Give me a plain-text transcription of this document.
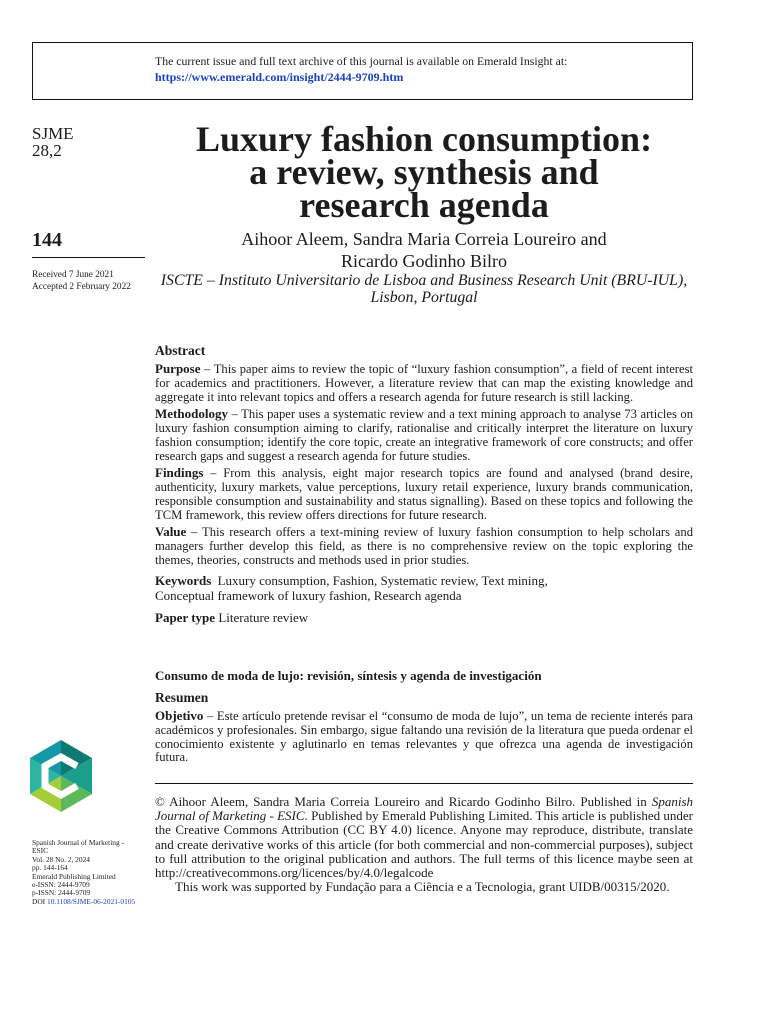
The current issue and full text archive of this journal is available on Emerald Insight at:
https://www.emerald.com/insight/2444-9709.htm
SJME
28,2
144
Received 7 June 2021
Accepted 2 February 2022
Spanish Journal of Marketing -
ESIC
Vol. 28 No. 2, 2024
pp. 144-164
Emerald Publishing Limited
e-ISSN: 2444-9709
p-ISSN: 2444-9709
DOI 10.1108/SJME-06-2021-0105
Luxury fashion consumption:
a review, synthesis and
research agenda
Aihoor Aleem, Sandra Maria Correia Loureiro and
Ricardo Godinho Bilro
ISCTE – Instituto Universitario de Lisboa and Business Research Unit (BRU-IUL),
Lisbon, Portugal
Abstract

Purpose – This paper aims to review the topic of “luxury fashion consumption”, a field of recent interest for academics and practitioners. However, a literature review that can map the existing knowledge and aggregate it into relevant topics and offers a research agenda for future research is still lacking.

Methodology – This paper uses a systematic review and a text mining approach to analyse 73 articles on luxury fashion consumption aiming to clarify, rationalise and critically interpret the literature on luxury fashion consumption; identify the core topic, create an integrative framework of core constructs; and offer research gaps and suggest a research agenda for future studies.

Findings – From this analysis, eight major research topics are found and analysed (brand desire, authenticity, luxury markets, value perceptions, luxury retail experience, luxury brands communication, responsible consumption and sustainability and status signalling). Based on these topics and following the TCM framework, this review offers directions for future research.

Value – This research offers a text-mining review of luxury fashion consumption to help scholars and managers further develop this field, as there is no comprehensive review on the topic exploring the themes, theories, constructs and methods used in prior studies.

Keywords Luxury consumption, Fashion, Systematic review, Text mining,
Conceptual framework of luxury fashion, Research agenda

Paper type Literature review

Consumo de moda de lujo: revisión, síntesis y agenda de investigación
Resumen

Objetivo – Este artículo pretende revisar el “consumo de moda de lujo”, un tema de reciente interés para académicos y profesionales. Sin embargo, sigue faltando una revisión de la literatura que pueda ordenar el conocimiento existente y aglutinarlo en temas relevantes y que ofrezca una agenda de investigación futura.

© Aihoor Aleem, Sandra Maria Correia Loureiro and Ricardo Godinho Bilro. Published in Spanish Journal of Marketing - ESIC. Published by Emerald Publishing Limited. This article is published under the Creative Commons Attribution (CC BY 4.0) licence. Anyone may reproduce, distribute, translate and create derivative works of this article (for both commercial and non-commercial purposes), subject to full attribution to the original publication and authors. The full terms of this licence maybe seen at http://creativecommons.org/licences/by/4.0/legalcode

This work was supported by Fundação para a Ciência e a Tecnologia, grant UIDB/00315/2020.
